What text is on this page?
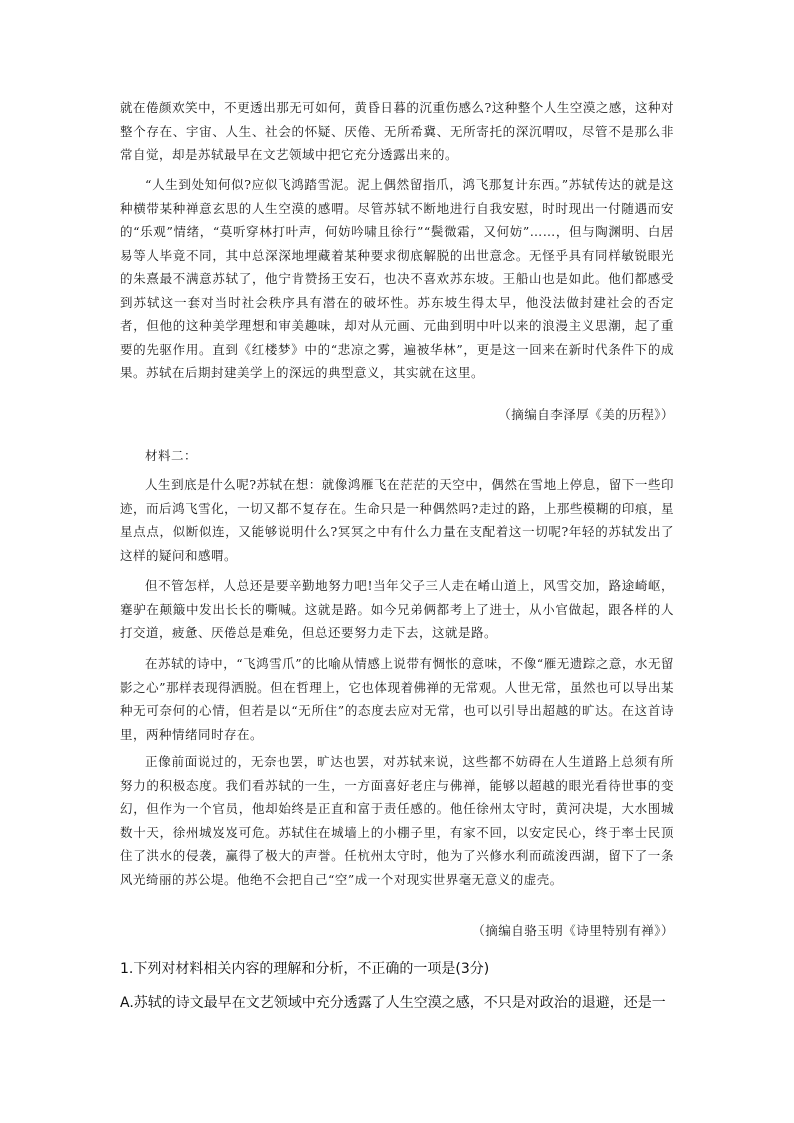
就在倦颜欢笑中，不更透出那无可如何，黄昏日暮的沉重伤感么?这种整个人生空漠之感，这种对整个存在、宇宙、人生、社会的怀疑、厌倦、无所希冀、无所寄托的深沉喟叹，尽管不是那么非常自觉，却是苏轼最早在文艺领域中把它充分透露出来的。

“人生到处知何似?应似飞鸿踏雪泥。泥上偶然留指爪，鸿飞那复计东西。”苏轼传达的就是这种横带某种禅意玄思的人生空漠的感喟。尽管苏轼不断地进行自我安慰，时时现出一付随遇而安的“乐观”情绪，“莫听穿林打叶声，何妨吟啸且徐行”“鬓微霜，又何妨”……，但与陶渊明、白居易等人毕竟不同，其中总深深地埋藏着某种要求彻底解脱的出世意念。无怪乎具有同样敏锐眼光的朱熹最不满意苏轼了，他宁肯赞扬王安石，也决不喜欢苏东坡。王船山也是如此。他们都感受到苏轼这一套对当时社会秩序具有潜在的破坏性。苏东坡生得太早，他没法做封建社会的否定者，但他的这种美学理想和审美趣味，却对从元画、元曲到明中叶以来的浪漫主义思潮，起了重要的先驱作用。直到《红楼梦》中的“悲凉之雾，遍被华林”，更是这一回来在新时代条件下的成果。苏轼在后期封建美学上的深远的典型意义，其实就在这里。

（摘编自李泽厚《美的历程》）

材料二：

人生到底是什么呢?苏轼在想：就像鸿雁飞在茫茫的天空中，偶然在雪地上停息，留下一些印迹，而后鸿飞雪化，一切又都不复存在。生命只是一种偶然吗?走过的路，上那些模糊的印痕，星星点点，似断似连，又能够说明什么?冥冥之中有什么力量在支配着这一切呢?年轻的苏轼发出了这样的疑问和感喟。

但不管怎样，人总还是要辛勤地努力吧!当年父子三人走在崤山道上，风雪交加，路途崎岖，蹇驴在颠簸中发出长长的嘶喊。这就是路。如今兄弟俩都考上了进士，从小官做起，跟各样的人打交道，疲惫、厌倦总是难免，但总还要努力走下去，这就是路。

在苏轼的诗中，“飞鸿雪爪”的比喻从情感上说带有惆怅的意味，不像“雁无遗踪之意，水无留影之心”那样表现得洒脱。但在哲理上，它也体现着佛禅的无常观。人世无常，虽然也可以导出某种无可奈何的心情，但若是以“无所住”的态度去应对无常，也可以引导出超越的旷达。在这首诗里，两种情绪同时存在。

正像前面说过的，无奈也罢，旷达也罢，对苏轼来说，这些都不妨碍在人生道路上总须有所努力的积极态度。我们看苏轼的一生，一方面喜好老庄与佛禅，能够以超越的眼光看待世事的变幻，但作为一个官员，他却始终是正直和富于责任感的。他任徐州太守时，黄河决堤，大水围城数十天，徐州城岌岌可危。苏轼住在城墙上的小棚子里，有家不回，以安定民心，终于率士民顶住了洪水的侵袭，赢得了极大的声誉。任杭州太守时，他为了兴修水利而疏浚西湖，留下了一条风光绮丽的苏公堤。他绝不会把自己“空”成一个对现实世界毫无意义的虚壳。

（摘编自骆玉明《诗里特别有禅》）

1.下列对材料相关内容的理解和分析，不正确的一项是(3分)

A.苏轼的诗文最早在文艺领域中充分透露了人生空漠之感，不只是对政治的退避，还是一
